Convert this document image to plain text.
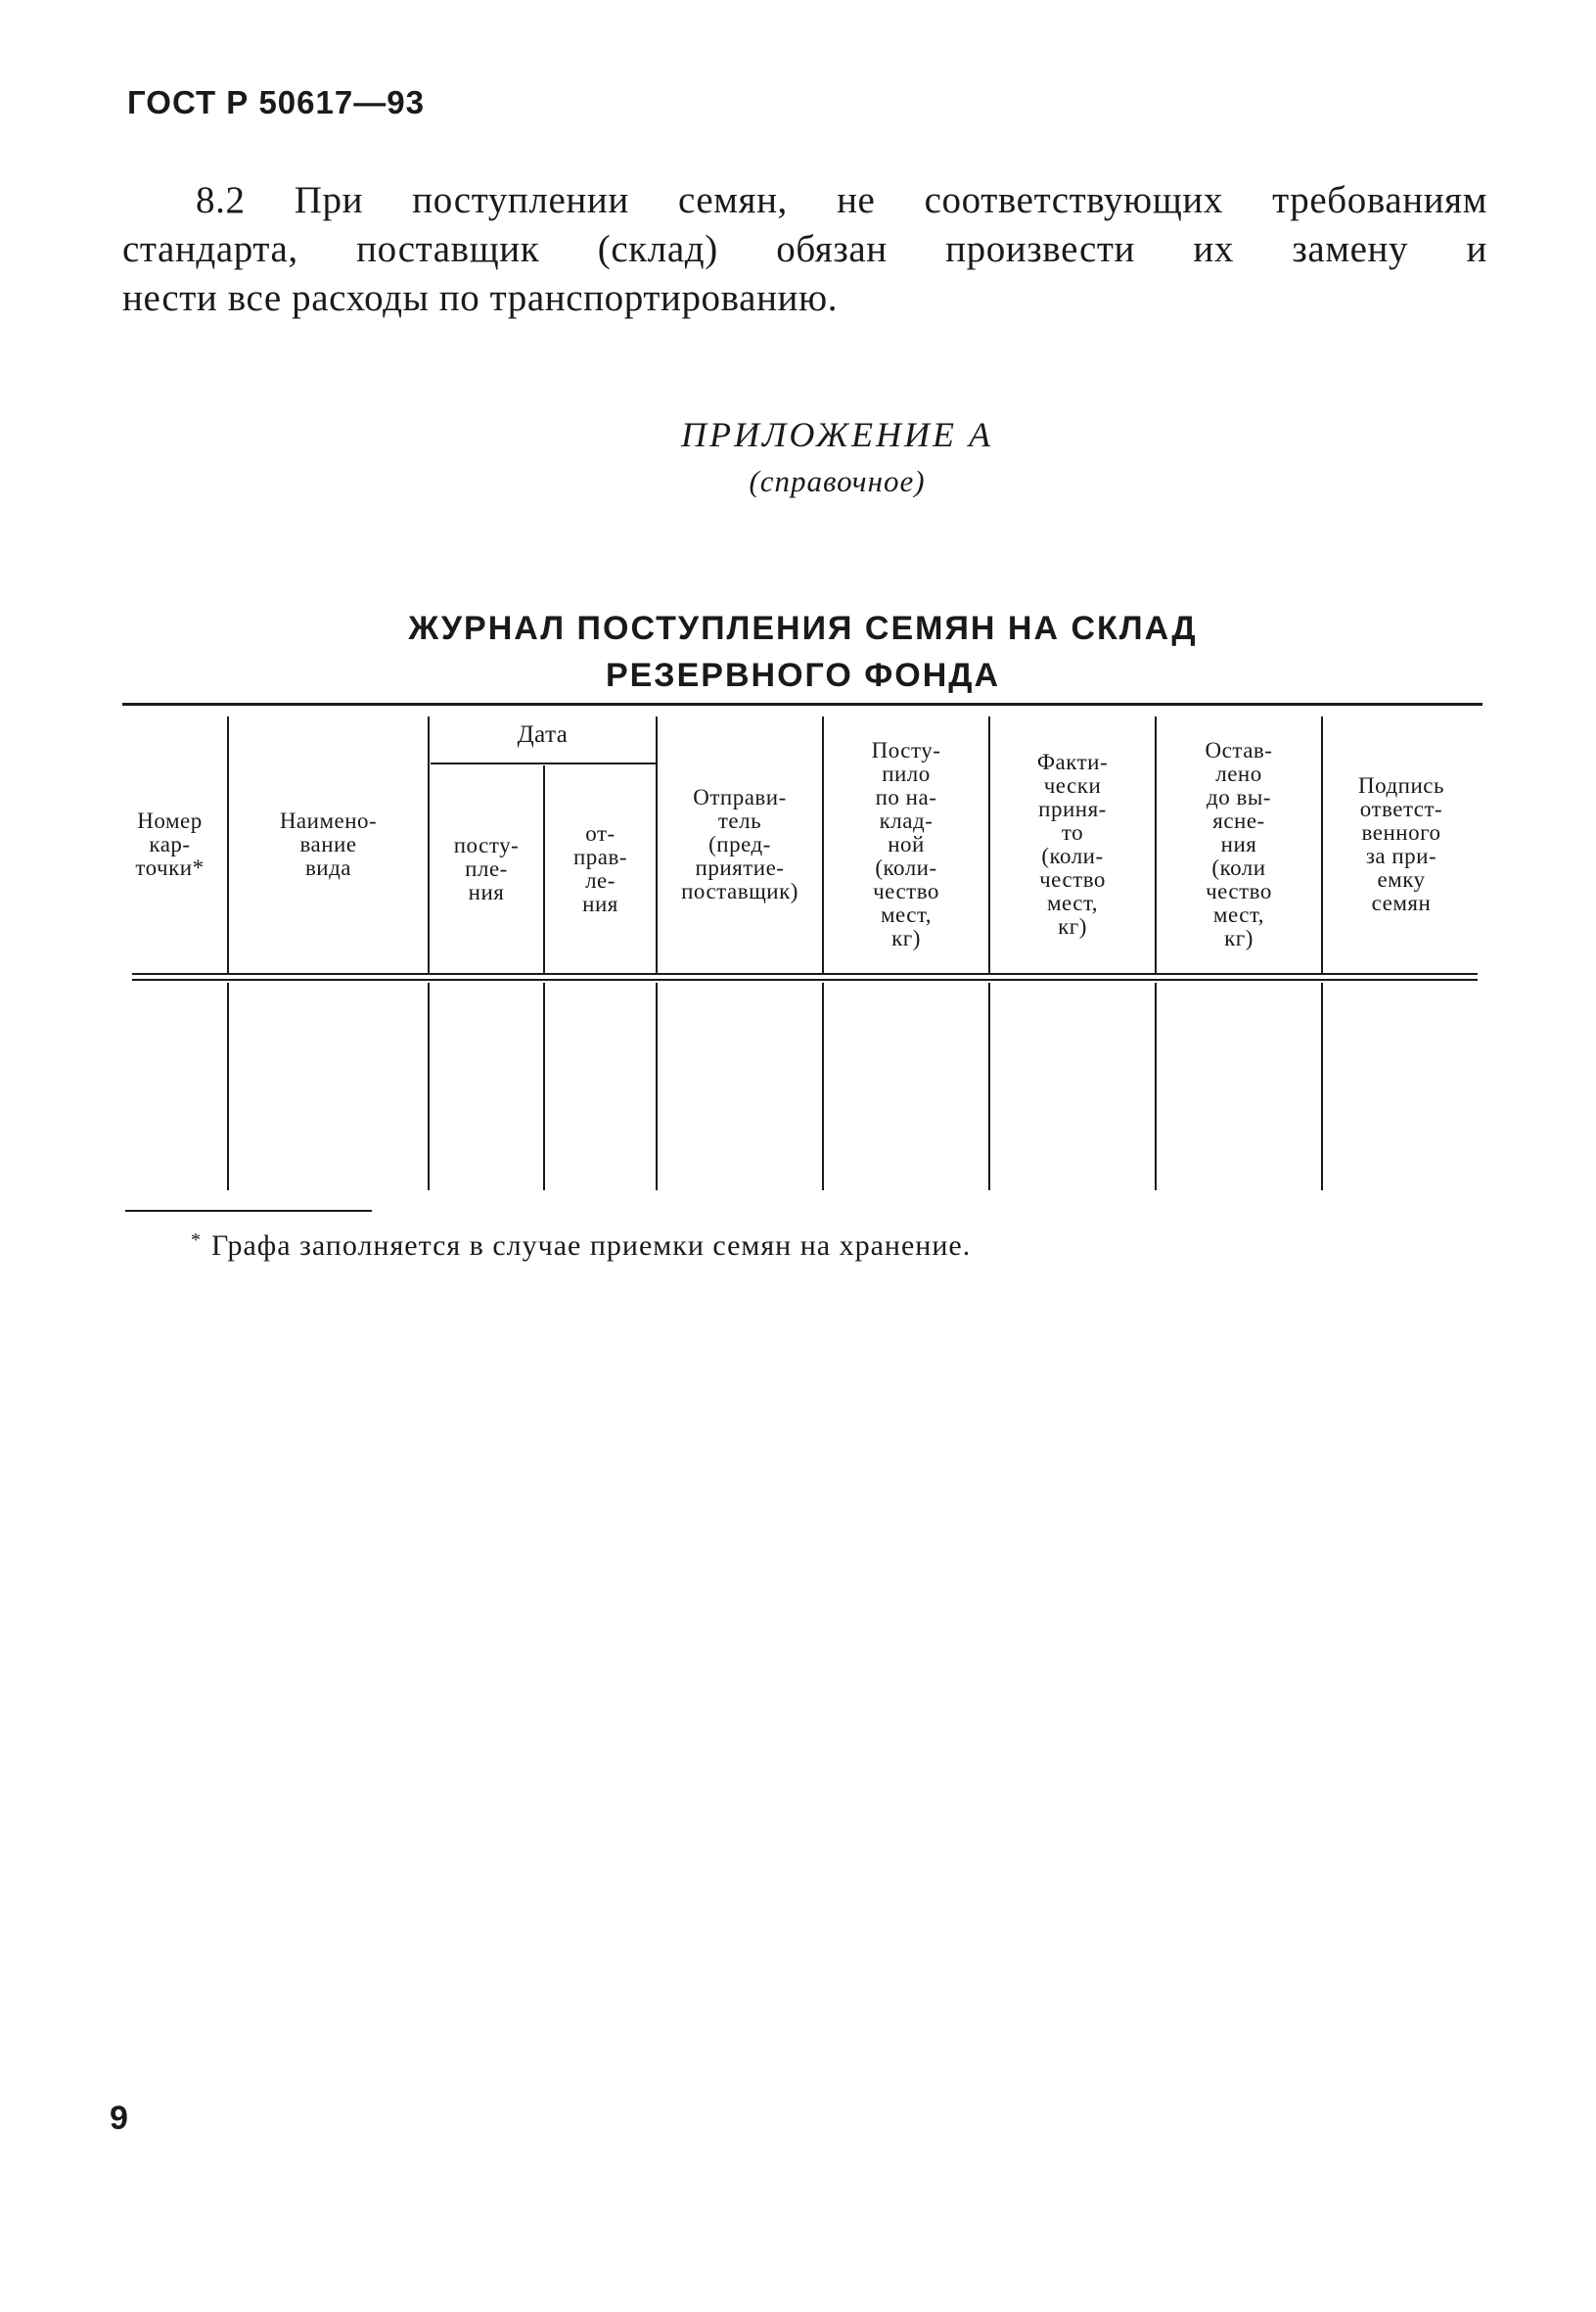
ГОСТ Р 50617—93
8.2 При поступлении семян, не соответствующих требованиям
стандарта, поставщик (склад) обязан произвести их замену и
нести все расходы по транспортированию.
ПРИЛОЖЕНИЕ А
(справочное)
ЖУРНАЛ ПОСТУПЛЕНИЯ СЕМЯН НА СКЛАД
РЕЗЕРВНОГО ФОНДА
Номер
кар-
точки*
Наимено-
вание
вида
Дата
посту-
пле-
ния
от-
прав-
ле-
ния
Отправи-
тель
(пред-
приятие-
поставщик)
Посту-
пило
по на-
клад-
ной
(коли-
чество
мест,
кг)
Факти-
чески
приня-
то
(коли-
чество
мест,
кг)
Остав-
лено
до вы-
ясне-
ния
(коли
чество
мест,
кг)
Подпись
ответст-
венного
за при-
емку
семян
* Графа заполняется в случае приемки семян на хранение.
9
